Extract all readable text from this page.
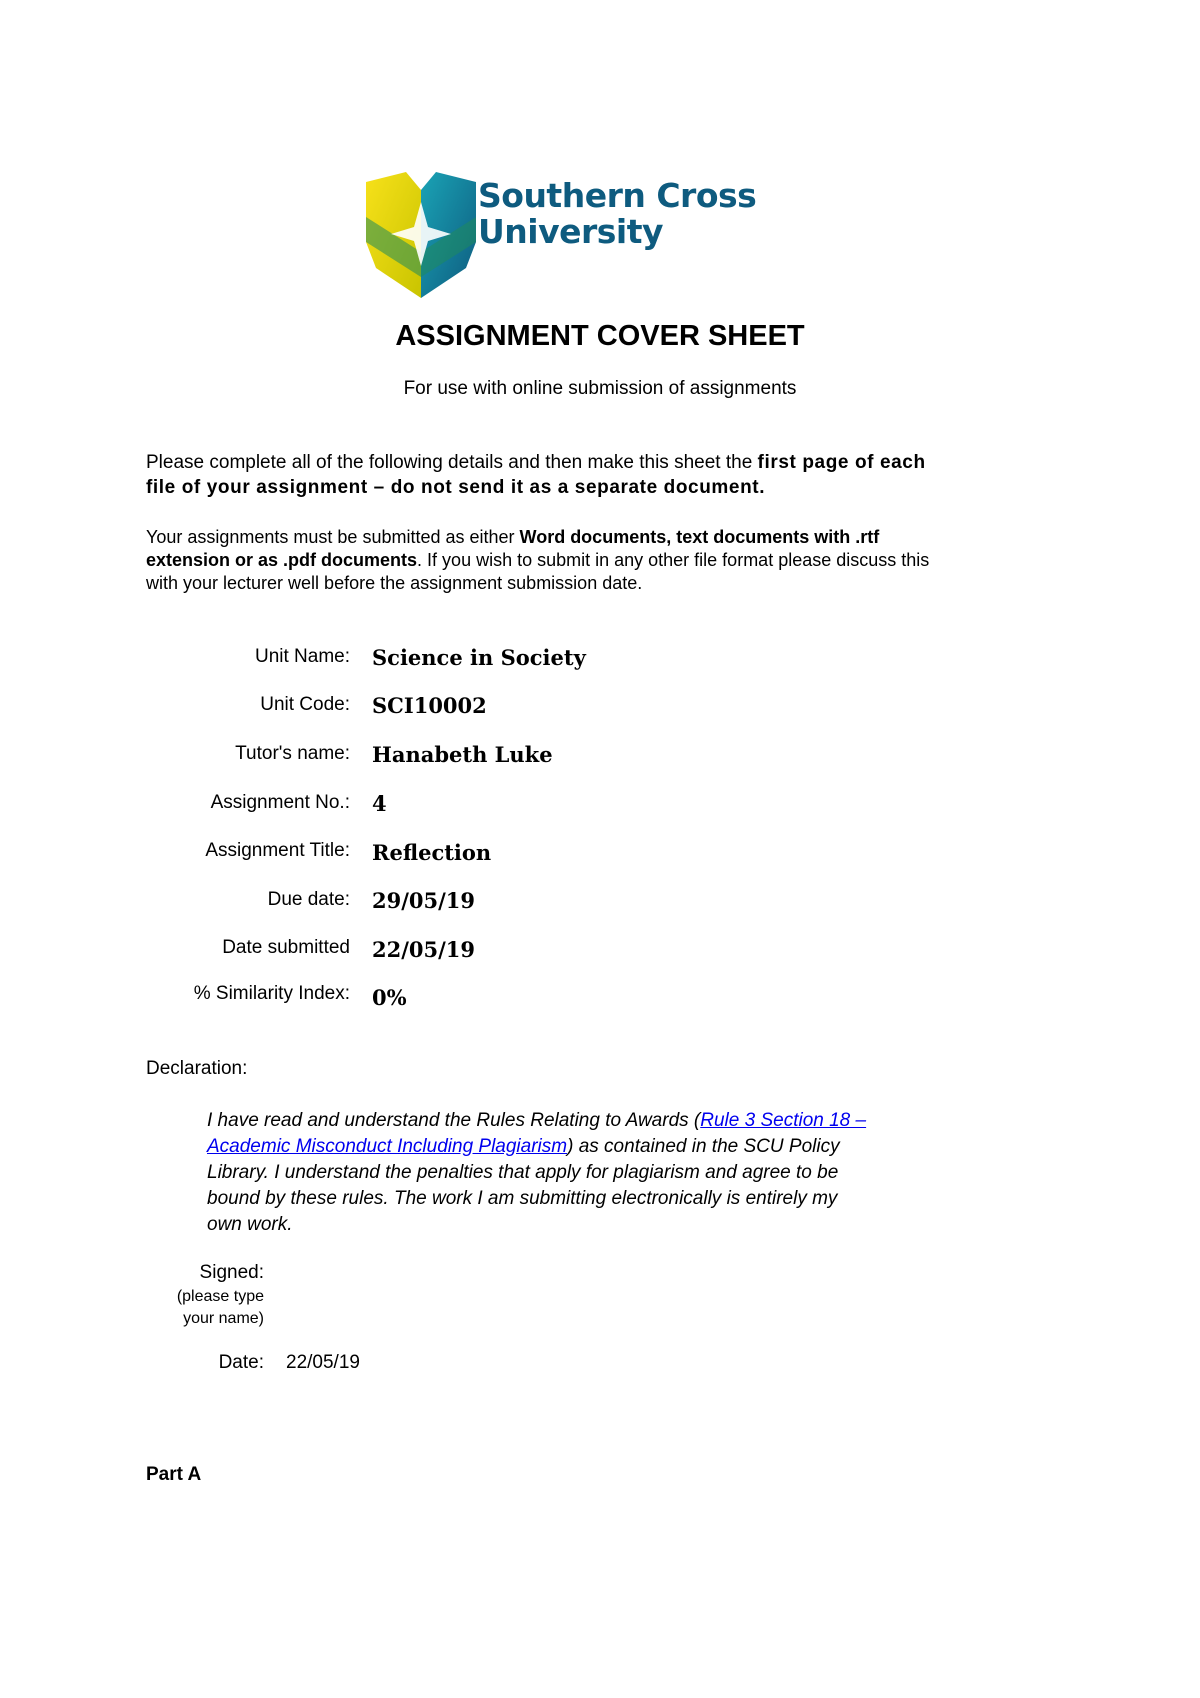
Southern Cross
University
ASSIGNMENT COVER SHEET
For use with online submission of assignments
Please complete all of the following details and then make this sheet the first page of each
file of your assignment – do not send it as a separate document.
Your assignments must be submitted as either Word documents, text documents with .rtf
extension or as .pdf documents. If you wish to submit in any other file format please discuss this
with your lecturer well before the assignment submission date.
Unit Name: Science in Society
Unit Code: SCI10002
Tutor's name: Hanabeth Luke
Assignment No.: 4
Assignment Title: Reflection
Due date: 29/05/19
Date submitted 22/05/19
% Similarity Index: 0%
Declaration:
I have read and understand the Rules Relating to Awards (Rule 3 Section 18 –
Academic Misconduct Including Plagiarism) as contained in the SCU Policy
Library. I understand the penalties that apply for plagiarism and agree to be
bound by these rules. The work I am submitting electronically is entirely my
own work.
Signed:
(please type
your name)
Date: 22/05/19
Part A
